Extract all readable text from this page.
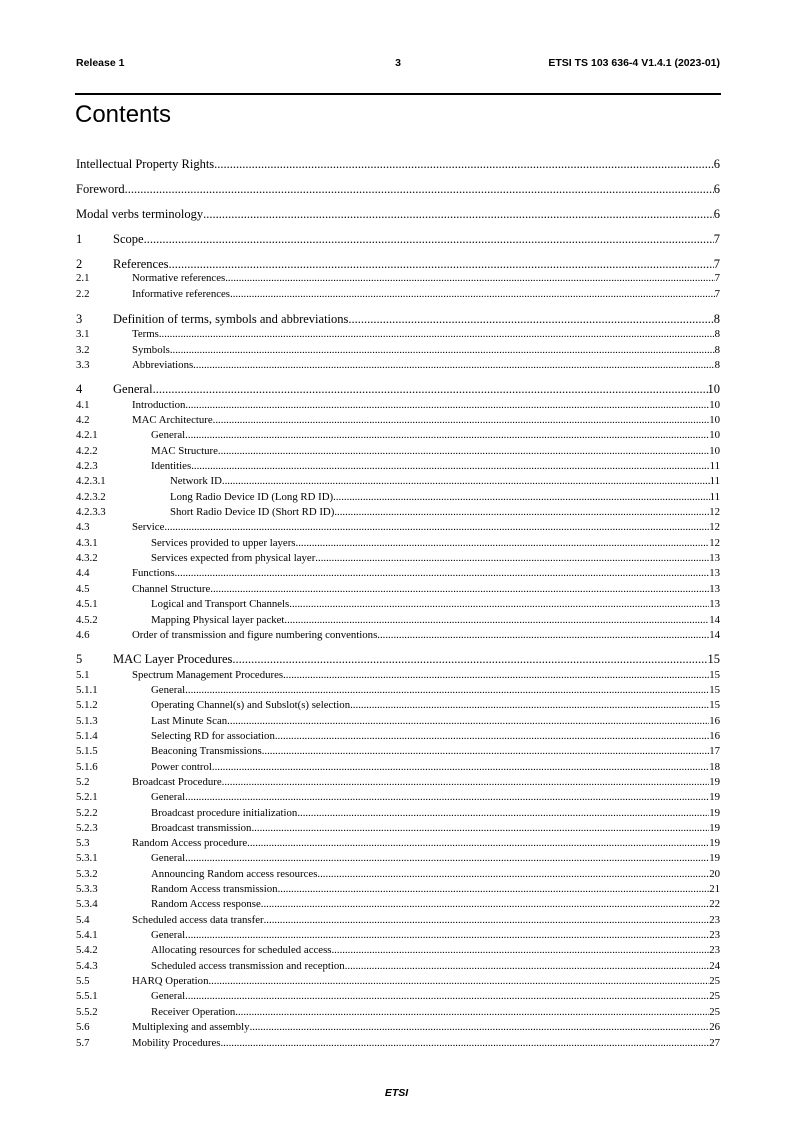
Release 1	3	ETSI TS 103 636-4 V1.4.1 (2023-01)
Contents
Intellectual Property Rights .....	6
Foreword .....	6
Modal verbs terminology .....	6
1	Scope .....	7
2	References .....	7
2.1	Normative references .....	7
2.2	Informative references .....	7
3	Definition of terms, symbols and abbreviations .....	8
3.1	Terms .....	8
3.2	Symbols .....	8
3.3	Abbreviations .....	8
4	General .....	10
4.1	Introduction .....	10
4.2	MAC Architecture .....	10
4.2.1	General .....	10
4.2.2	MAC Structure .....	10
4.2.3	Identities .....	11
4.2.3.1	Network ID .....	11
4.2.3.2	Long Radio Device ID (Long RD ID) .....	11
4.2.3.3	Short Radio Device ID (Short RD ID) .....	12
4.3	Service .....	12
4.3.1	Services provided to upper layers .....	12
4.3.2	Services expected from physical layer .....	13
4.4	Functions .....	13
4.5	Channel Structure .....	13
4.5.1	Logical and Transport Channels .....	13
4.5.2	Mapping Physical layer packet .....	14
4.6	Order of transmission and figure numbering conventions .....	14
5	MAC Layer Procedures .....	15
5.1	Spectrum Management Procedures .....	15
5.1.1	General .....	15
5.1.2	Operating Channel(s) and Subslot(s) selection .....	15
5.1.3	Last Minute Scan .....	16
5.1.4	Selecting RD for association .....	16
5.1.5	Beaconing Transmissions .....	17
5.1.6	Power control .....	18
5.2	Broadcast Procedure .....	19
5.2.1	General .....	19
5.2.2	Broadcast procedure initialization .....	19
5.2.3	Broadcast transmission .....	19
5.3	Random Access procedure .....	19
5.3.1	General .....	19
5.3.2	Announcing Random access resources .....	20
5.3.3	Random Access transmission .....	21
5.3.4	Random Access response .....	22
5.4	Scheduled access data transfer .....	23
5.4.1	General .....	23
5.4.2	Allocating resources for scheduled access .....	23
5.4.3	Scheduled access transmission and reception .....	24
5.5	HARQ Operation .....	25
5.5.1	General .....	25
5.5.2	Receiver Operation .....	25
5.6	Multiplexing and assembly .....	26
5.7	Mobility Procedures .....	27
ETSI
